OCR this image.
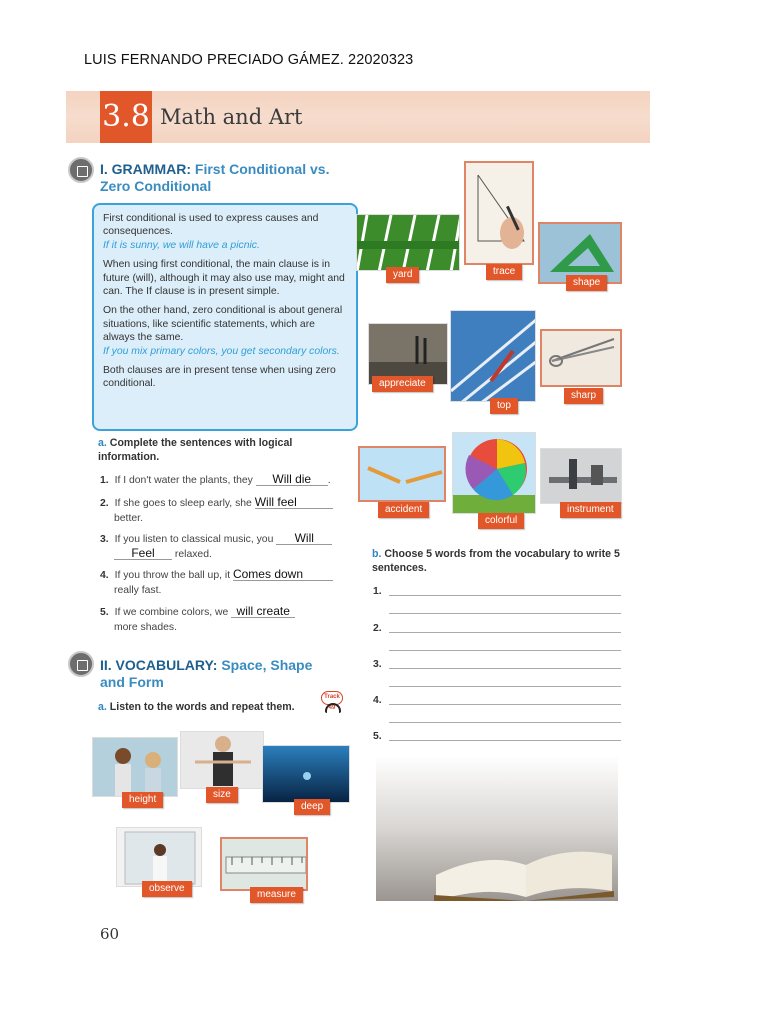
LUIS FERNANDO PRECIADO GÁMEZ. 22020323
3.8 Math and Art
I. GRAMMAR: First Conditional vs.
Zero Conditional

First conditional is used to express causes and consequences.
If it is sunny, we will have a picnic.

When using first conditional, the main clause is in future (will), although it may also use may, might and can. The If clause is in present simple.

On the other hand, zero conditional is about general situations, like scientific statements, which are always the same.
If you mix primary colors, you get secondary colors.

Both clauses are in present tense when using zero conditional.

a. Complete the sentences with logical information.
1. If I don't water the plants, they Will die .
2. If she goes to sleep early, she Will feel
better.
3. If you listen to classical music, you Will
Feel relaxed.
4. If you throw the ball up, it Comes down
really fast.
5. If we combine colors, we will create
more shades.
II. VOCABULARY: Space, Shape
and Form
a. Listen to the words and repeat them.
Track 49
yard	trace
shape
appreciate
top
sharp
accident
colorful
instrument
b. Choose 5 words from the vocabulary to write 5 sentences.
1.
2.
3.
4.
5.
height	size
deep
observe
measure
60
